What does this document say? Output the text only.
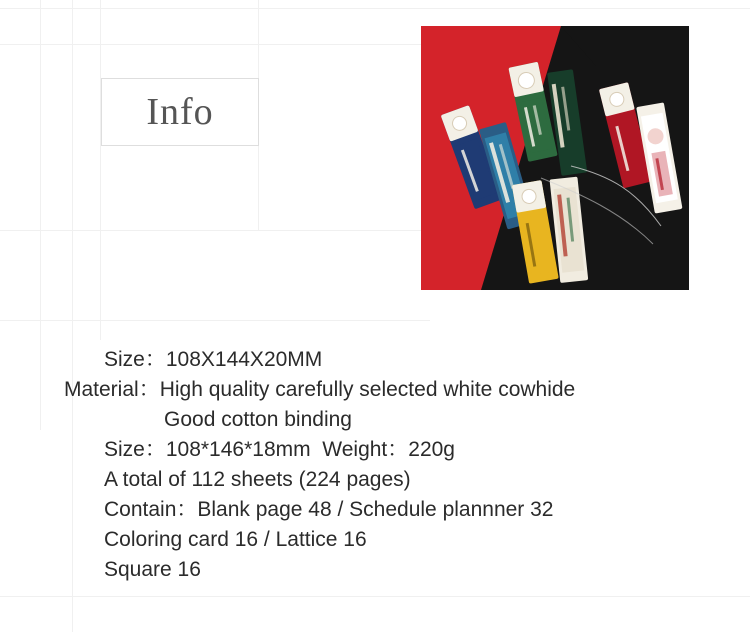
Info
Size：108X144X20MM
Material：High quality carefully selected white cowhide
Good cotton binding
Size：108*146*18mm  Weight：220g
A total of 112 sheets (224 pages)
Contain：Blank page 48 / Schedule plannner 32
Coloring card 16 / Lattice 16
Square 16
